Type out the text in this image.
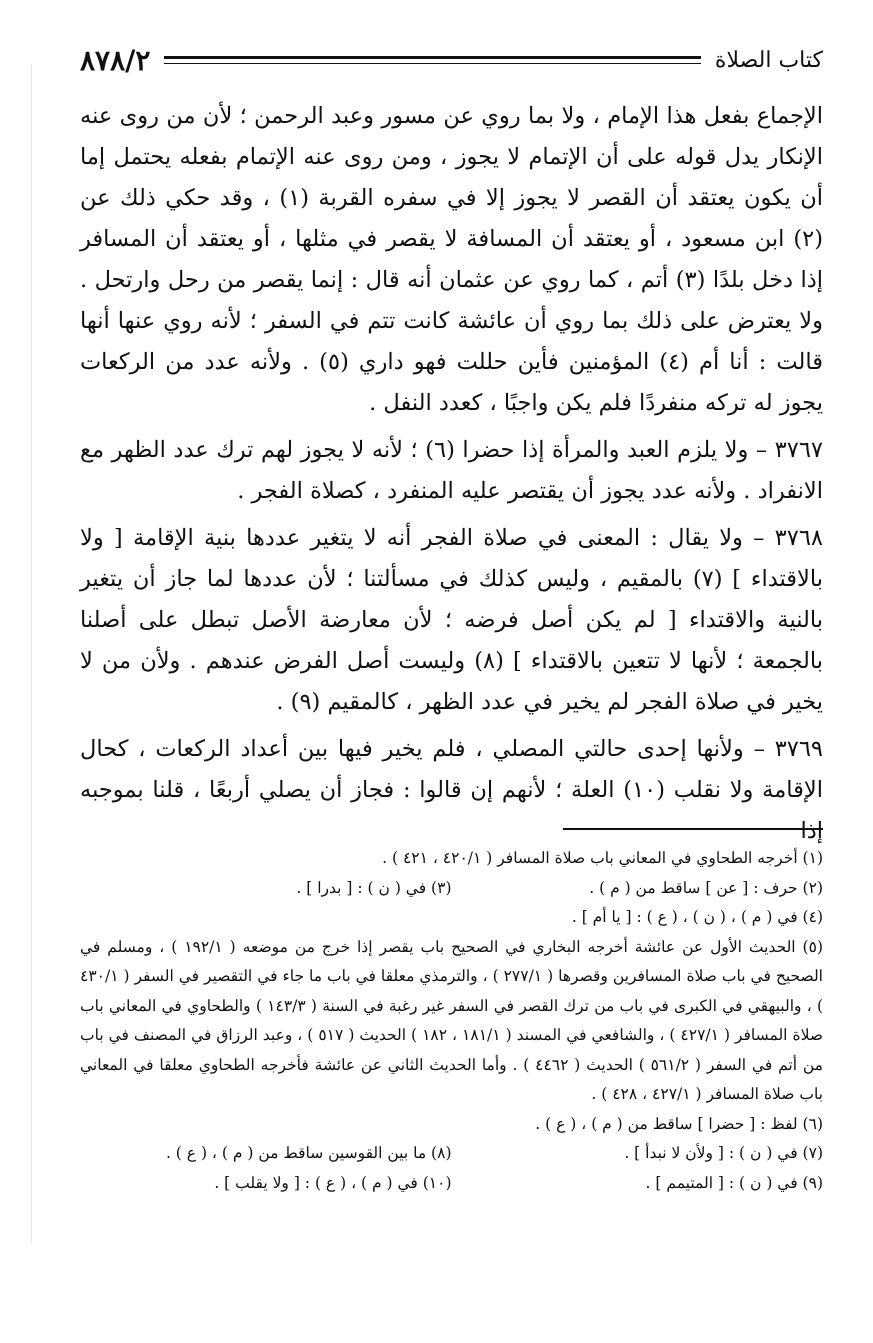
كتاب الصلاة
٨٧٨/٢

الإجماع بفعل هذا الإمام ، ولا بما روي عن مسور وعبد الرحمن ؛ لأن من روى عنه الإنكار يدل قوله على أن الإتمام لا يجوز ، ومن روى عنه الإتمام بفعله يحتمل إما أن يكون يعتقد أن القصر لا يجوز إلا في سفره القربة (١) ، وقد حكي ذلك عن (٢) ابن مسعود ، أو يعتقد أن المسافة لا يقصر في مثلها ، أو يعتقد أن المسافر إذا دخل بلدًا (٣) أتم ، كما روي عن عثمان أنه قال : إنما يقصر من رحل وارتحل . ولا يعترض على ذلك بما روي أن عائشة كانت تتم في السفر ؛ لأنه روي عنها أنها قالت : أنا أم (٤) المؤمنين فأين حللت فهو داري (٥) . ولأنه عدد من الركعات يجوز له تركه منفردًا فلم يكن واجبًا ، كعدد النفل .

٣٧٦٧ – ولا يلزم العبد والمرأة إذا حضرا (٦) ؛ لأنه لا يجوز لهم ترك عدد الظهر مع الانفراد . ولأنه عدد يجوز أن يقتصر عليه المنفرد ، كصلاة الفجر .

٣٧٦٨ – ولا يقال : المعنى في صلاة الفجر أنه لا يتغير عددها بنية الإقامة [ ولا بالاقتداء ] (٧) بالمقيم ، وليس كذلك في مسألتنا ؛ لأن عددها لما جاز أن يتغير بالنية والاقتداء [ لم يكن أصل فرضه ؛ لأن معارضة الأصل تبطل على أصلنا بالجمعة ؛ لأنها لا تتعين بالاقتداء ] (٨) وليست أصل الفرض عندهم . ولأن من لا يخير في صلاة الفجر لم يخير في عدد الظهر ، كالمقيم (٩) .

٣٧٦٩ – ولأنها إحدى حالتي المصلي ، فلم يخير فيها بين أعداد الركعات ، كحال الإقامة ولا نقلب (١٠) العلة ؛ لأنهم إن قالوا : فجاز أن يصلي أربعًا ، قلنا بموجبه إذا

(١) أخرجه الطحاوي في المعاني باب صلاة المسافر ( ٤٢٠/١ ، ٤٢١ ) .

(٢) حرف : [ عن ] ساقط من ( م ) .
(٣) في ( ن ) : [ بدرا ] .

(٤) في ( م ) ، ( ن ) ، ( ع ) : [ يا أم ] .

(٥) الحديث الأول عن عائشة أخرجه البخاري في الصحيح باب يقصر إذا خرج من موضعه ( ١٩٢/١ ) ، ومسلم في الصحيح في باب صلاة المسافرين وقصرها ( ٢٧٧/١ ) ، والترمذي معلقا في باب ما جاء في التقصير في السفر ( ٤٣٠/١ ) ، والبيهقي في الكبرى في باب من ترك القصر في السفر غير رغبة في السنة ( ١٤٣/٣ ) والطحاوي في المعاني باب صلاة المسافر ( ٤٢٧/١ ) ، والشافعي في المسند ( ١٨١/١ ، ١٨٢ ) الحديث ( ٥١٧ ) ، وعبد الرزاق في المصنف في باب من أتم في السفر ( ٥٦١/٢ ) الحديث ( ٤٤٦٢ ) . وأما الحديث الثاني عن عائشة فأخرجه الطحاوي معلقا في المعاني باب صلاة المسافر ( ٤٢٧/١ ، ٤٢٨ ) .

(٦) لفظ : [ حضرا ] ساقط من ( م ) ، ( ع ) .

(٧) في ( ن ) : [ ولأن لا نبدأ ] .
(٨) ما بين القوسين ساقط من ( م ) ، ( ع ) .
(٩) في ( ن ) : [ المتيمم ] .
(١٠) في ( م ) ، ( ع ) : [ ولا يقلب ] .
